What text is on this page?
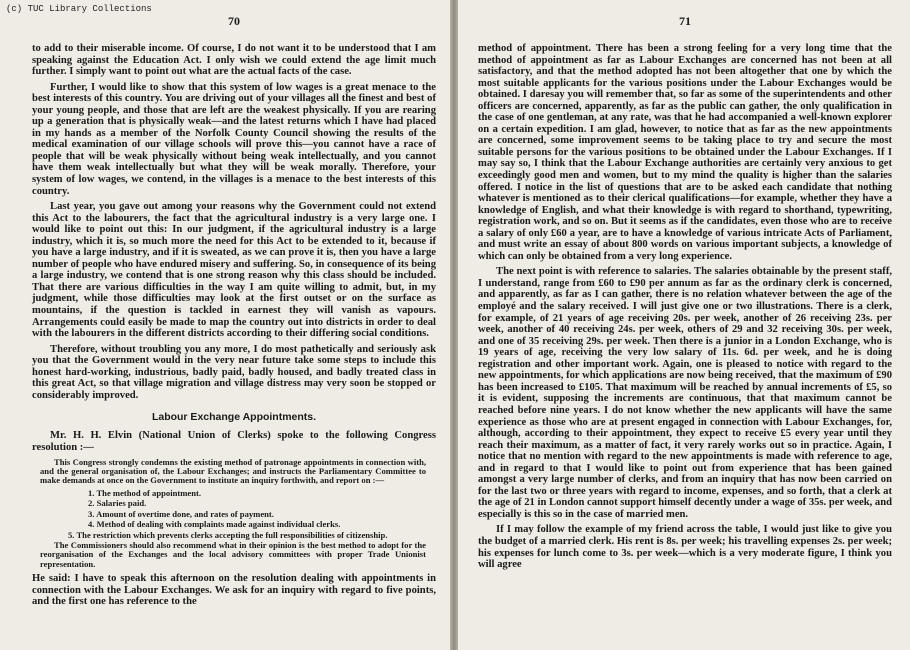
(c) TUC Library Collections
70

to add to their miserable income. Of course, I do not want it to be understood that I am speaking against the Education Act. I only wish we could extend the age limit much further. I simply want to point out what are the actual facts of the case.

Further, I would like to show that this system of low wages is a great menace to the best interests of this country. You are driving out of your villages all the finest and best of your young people, and those that are left are the weakest physically. If you are rearing up a generation that is physically weak—and the latest returns which I have had placed in my hands as a member of the Norfolk County Council showing the results of the medical examination of our village schools will prove this—you cannot have a race of people that will be weak physically without being weak intellectually, and you cannot have them weak intellectually but what they will be weak morally. Therefore, your system of low wages, we contend, in the villages is a menace to the best interests of this country.

Last year, you gave out among your reasons why the Government could not extend this Act to the labourers, the fact that the agricultural industry is a very large one. I would like to point out this: In our judgment, if the agricultural industry is a large industry, which it is, so much more the need for this Act to be extended to it, because if you have a large industry, and if it is sweated, as we can prove it is, then you have a large number of people who have endured misery and suffering. So, in consequence of its being a large industry, we contend that is one strong reason why this class should be included. That there are various difficulties in the way I am quite willing to admit, but, in my judgment, while those difficulties may look at the first outset or on the surface as mountains, if the question is tackled in earnest they will vanish as vapours. Arrangements could easily be made to map the country out into districts in order to deal with the labourers in the different districts according to their differing social conditions.

Therefore, without troubling you any more, I do most pathetically and seriously ask you that the Government would in the very near future take some steps to include this honest hard-working, industrious, badly paid, badly housed, and badly treated class in this great Act, so that village migration and village distress may very soon be stopped or considerably improved.

Labour Exchange Appointments.

Mr. H. H. Elvin (National Union of Clerks) spoke to the following Congress resolution :—

This Congress strongly condemns the existing method of patronage appointments in connection with, and the general organisation of, the Labour Exchanges; and instructs the Parliamentary Committee to make demands at once on the Government to institute an inquiry forthwith, and report on :—

1. The method of appointment.
2. Salaries paid.
3. Amount of overtime done, and rates of payment.
4. Method of dealing with complaints made against individual clerks.

5. The restriction which prevents clerks accepting the full responsibilities of citizenship.

The Commissioners should also recommend what in their opinion is the best method to adopt for the reorganisation of the Exchanges and the local advisory committees with proper Trade Unionist representation.

He said: I have to speak this afternoon on the resolution dealing with appointments in connection with the Labour Exchanges. We ask for an inquiry with regard to five points, and the first one has reference to the

71

method of appointment. There has been a strong feeling for a very long time that the method of appointment as far as Labour Exchanges are concerned has not been at all satisfactory, and that the method adopted has not been altogether that one by which the most suitable applicants for the various positions under the Labour Exchanges would be obtained. I daresay you will remember that, so far as some of the superintendents and other officers are concerned, apparently, as far as the public can gather, the only qualification in the case of one gentleman, at any rate, was that he had accompanied a well-known explorer on a certain expedition. I am glad, however, to notice that as far as the new appointments are concerned, some improvement seems to be taking place to try and secure the most suitable persons for the various positions to be obtained under the Labour Exchanges. If I may say so, I think that the Labour Exchange authorities are certainly very anxious to get exceedingly good men and women, but to my mind the quality is higher than the salaries offered. I notice in the list of questions that are to be asked each candidate that nothing whatever is mentioned as to their clerical qualifications—for example, whether they have a knowledge of English, and what their knowledge is with regard to shorthand, typewriting, registration work, and so on. But it seems as if the candidates, even those who are to receive a salary of only £60 a year, are to have a knowledge of various intricate Acts of Parliament, and must write an essay of about 800 words on various important subjects, a knowledge of which can only be obtained from a very long experience.

The next point is with reference to salaries. The salaries obtainable by the present staff, I understand, range from £60 to £90 per annum as far as the ordinary clerk is concerned, and apparently, as far as I can gather, there is no relation whatever between the age of the employé and the salary received. I will just give one or two illustrations. There is a clerk, for example, of 21 years of age receiving 20s. per week, another of 26 receiving 23s. per week, another of 40 receiving 24s. per week, others of 29 and 32 receiving 30s. per week, and one of 35 receiving 29s. per week. Then there is a junior in a London Exchange, who is 19 years of age, receiving the very low salary of 11s. 6d. per week, and he is doing registration and other important work. Again, one is pleased to notice with regard to the new appointments, for which applications are now being received, that the maximum of £90 has been increased to £105. That maximum will be reached by annual increments of £5, so it is evident, supposing the increments are continuous, that that maximum cannot be reached before nine years. I do not know whether the new applicants will have the same experience as those who are at present engaged in connection with Labour Exchanges, for, although, according to their appointment, they expect to receive £5 every year until they reach their maximum, as a matter of fact, it very rarely works out so in practice. Again, I notice that no mention with regard to the new appointments is made with reference to age, and in regard to that I would like to point out from experience that has been gained amongst a very large number of clerks, and from an inquiry that has now been carried on for the last two or three years with regard to income, expenses, and so forth, that a clerk at the age of 21 in London cannot support himself decently under a wage of 35s. per week, and especially is this so in the case of married men.

If I may follow the example of my friend across the table, I would just like to give you the budget of a married clerk. His rent is 8s. per week; his travelling expenses 2s. per week; his expenses for lunch come to 3s. per week—which is a very moderate figure, I think you will agree
